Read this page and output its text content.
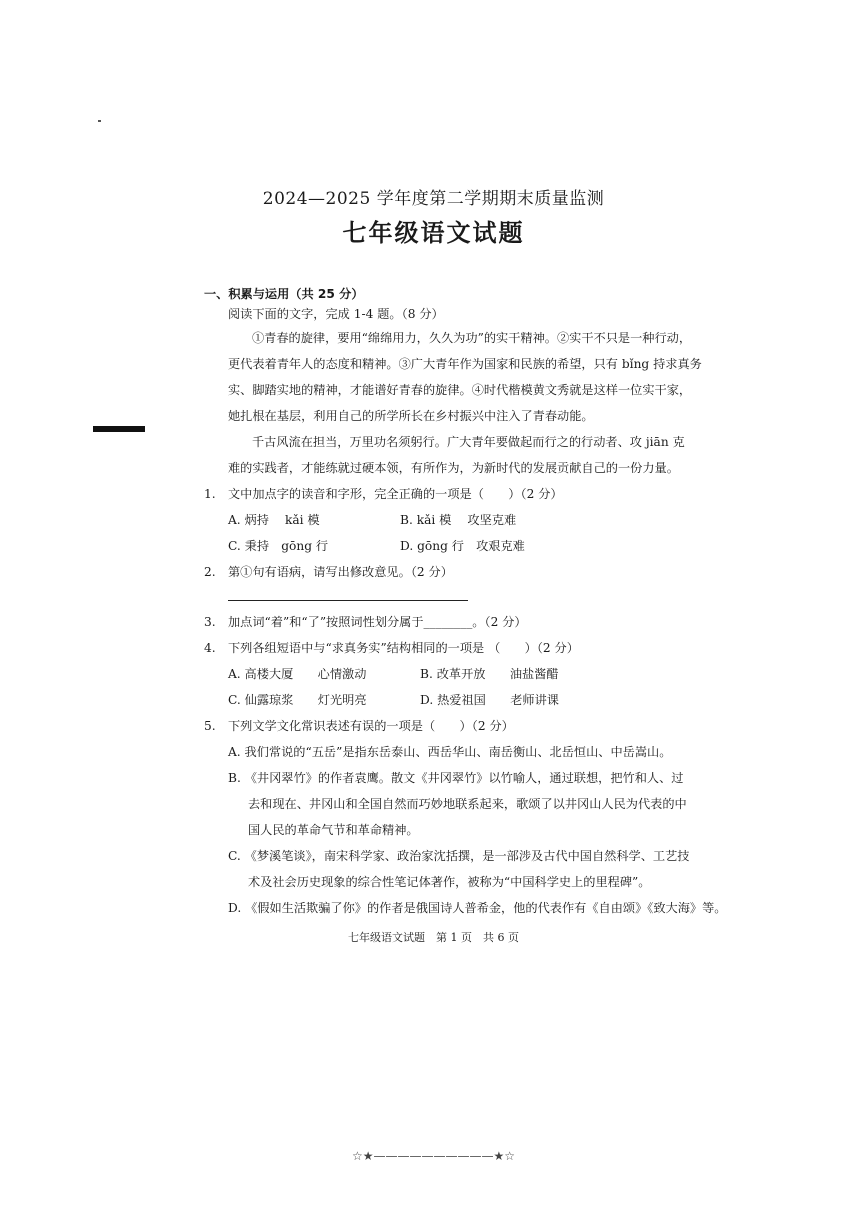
2024—2025 学年度第二学期期末质量监测
七年级语文试题
一、积累与运用（共 25 分）
阅读下面的文字，完成 1-4 题。（8 分）
①青春的旋律，要用“绵绵用力，久久为功”的实干精神。②实干不只是一种行动，
更代表着青年人的态度和精神。③广大青年作为国家和民族的希望，只有 bǐng 持求真务
实、脚踏实地的精神，才能谱好青春的旋律。④时代楷模黄文秀就是这样一位实干家，
她扎根在基层，利用自己的所学所长在乡村振兴中注入了青春动能。
千古风流在担当，万里功名须躬行。广大青年要做起而行之的行动者、攻 jiān 克
难的实践者，才能练就过硬本领，有所作为，为新时代的发展贡献自己的一份力量。
1. 文中加点字的读音和字形，完全正确的一项是（　　）（2 分）
A. 炳持　 kǎi 模	B. kǎi 模　 攻坚克难
C. 秉持　gōng 行	D. gōng 行　攻艰克难
2. 第①句有语病，请写出修改意见。（2 分）
3. 加点词“着”和“了”按照词性划分属于________。（2 分）
4. 下列各组短语中与“求真务实”结构相同的一项是 （　　）（2 分）
A. 高楼大厦　　心情激动	B. 改革开放　　油盐酱醋
C. 仙露琼浆　　灯光明亮	D. 热爱祖国　　老师讲课
5. 下列文学文化常识表述有误的一项是（　　）（2 分）
A. 我们常说的“五岳”是指东岳泰山、西岳华山、南岳衡山、北岳恒山、中岳嵩山。
B. 《井冈翠竹》的作者袁鹰。散文《井冈翠竹》以竹喻人，通过联想，把竹和人、过
去和现在、井冈山和全国自然而巧妙地联系起来，歌颂了以井冈山人民为代表的中
国人民的革命气节和革命精神。
C. 《梦溪笔谈》，南宋科学家、政治家沈括撰，是一部涉及古代中国自然科学、工艺技
术及社会历史现象的综合性笔记体著作，被称为“中国科学史上的里程碑”。
D. 《假如生活欺骗了你》的作者是俄国诗人普希金，他的代表作有《自由颂》《致大海》等。
七年级语文试题　第 1 页　共 6 页
☆★——————————★☆
